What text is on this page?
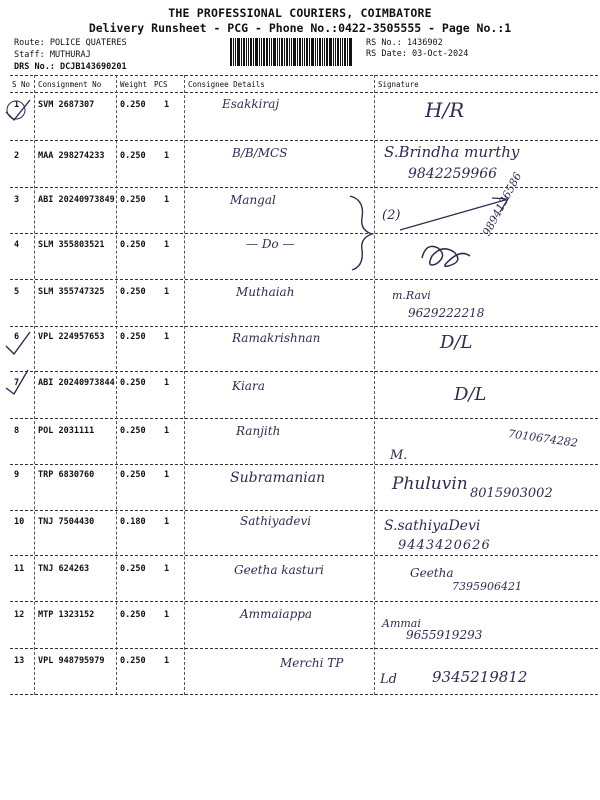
THE PROFESSIONAL COURIERS, COIMBATORE
Delivery Runsheet - PCG - Phone No.:0422-3505555 - Page No.:1
Route: POLICE QUATERES
Staff: MUTHURAJ
DRS No.: DCJB143690201
RS No.: 1436902
RS Date: 03-Oct-2024
S No Consignment No	Weight PCS	Consignee Details	Signature
1 SVM 2687307	0.250 1	Esakkiraj	H/R
2 MAA 298274233 0.250 1	B/B/MCS	S.Brindha murthy
9842259966
3 ABI 20240973849 0.250 1	Mangal
(2)	9894136586
4 SLM 355803521 0.250 1	— Do —
5 SLM 355747325 0.250 1	Muthaiah	m.Ravi
9629222218
6 VPL 224957653 0.250 1	Ramakrishnan	D/L
7 ABI 20240973844 0.250 1	Kiara	D/L
8 POL 2031111	0.250 1	Ranjith
M.
7010674282
9 TRP 6830760	0.250 1	Subramanian	Phuluvin 8015903002
10 TNJ 7504430	0.180 1	Sathiyadevi	S.sathiyaDevi
9443420626
11 TNJ 624263	0.250 1	Geetha kasturi	Geetha
7395906421
12 MTP 1323152	0.250 1	Ammaiappa
Ammai
9655919293
13 VPL 948795979 0.250 1	Merchi TP
Ld 9345219812
